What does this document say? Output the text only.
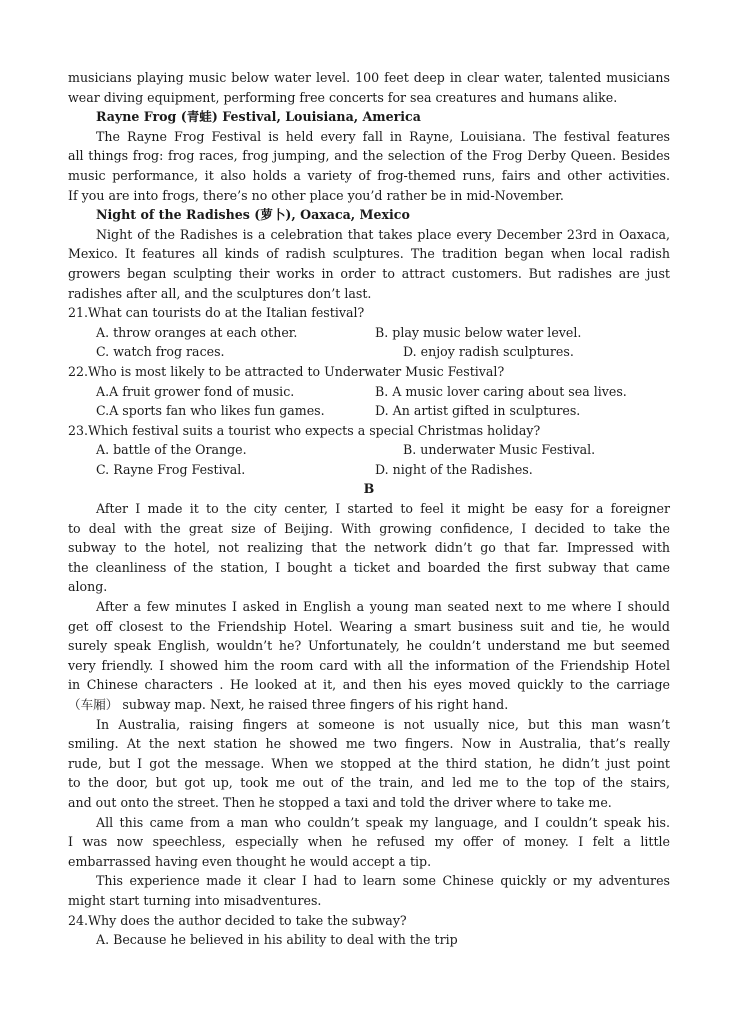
musicians playing music below water level. 100 feet deep in clear water, talented musicians
wear diving equipment, performing free concerts for sea creatures and humans alike.
Rayne Frog (青蛙) Festival, Louisiana, America
The Rayne Frog Festival is held every fall in Rayne, Louisiana. The festival features
all things frog: frog races, frog jumping, and the selection of the Frog Derby Queen. Besides
music performance, it also holds a variety of frog-themed runs, fairs and other activities.
If you are into frogs, there’s no other place you’d rather be in mid-November.
Night of the Radishes (萝卜), Oaxaca, Mexico
Night of the Radishes is a celebration that takes place every December 23rd in Oaxaca,
Mexico. It features all kinds of radish sculptures. The tradition began when local radish
growers began sculpting their works in order to attract customers. But radishes are just
radishes after all, and the sculptures don’t last.
21.What can tourists do at the Italian festival?
A. throw oranges at each other.	B. play music below water level.
C. watch frog races.	D. enjoy radish sculptures.
22.Who is most likely to be attracted to Underwater Music Festival?
A.A fruit grower fond of music.	B. A music lover caring about sea lives.
C.A sports fan who likes fun games.	D. An artist gifted in sculptures.
23.Which festival suits a tourist who expects a special Christmas holiday?
A. battle of the Orange.	B. underwater Music Festival.
C. Rayne Frog Festival.	D. night of the Radishes.
B
After I made it to the city center, I started to feel it might be easy for a foreigner
to deal with the great size of Beijing. With growing confidence, I decided to take the
subway to the hotel, not realizing that the network didn’t go that far. Impressed with
the cleanliness of the station, I bought a ticket and boarded the first subway that came
along.
After a few minutes I asked in English a young man seated next to me where I should
get off closest to the Friendship Hotel. Wearing a smart business suit and tie, he would
surely speak English, wouldn’t he? Unfortunately, he couldn’t understand me but seemed
very friendly. I showed him the room card with all the information of the Friendship Hotel
in Chinese characters . He looked at it, and then his eyes moved quickly to the carriage
（车厢） subway map. Next, he raised three fingers of his right hand.
In Australia, raising fingers at someone is not usually nice, but this man wasn’t
smiling. At the next station he showed me two fingers. Now in Australia, that’s really
rude, but I got the message. When we stopped at the third station, he didn’t just point
to the door, but got up, took me out of the train, and led me to the top of the stairs,
and out onto the street. Then he stopped a taxi and told the driver where to take me.
All this came from a man who couldn’t speak my language, and I couldn’t speak his.
I was now speechless, especially when he refused my offer of money. I felt a little
embarrassed having even thought he would accept a tip.
This experience made it clear I had to learn some Chinese quickly or my adventures
might start turning into misadventures.
24.Why does the author decided to take the subway?
A. Because he believed in his ability to deal with the trip
